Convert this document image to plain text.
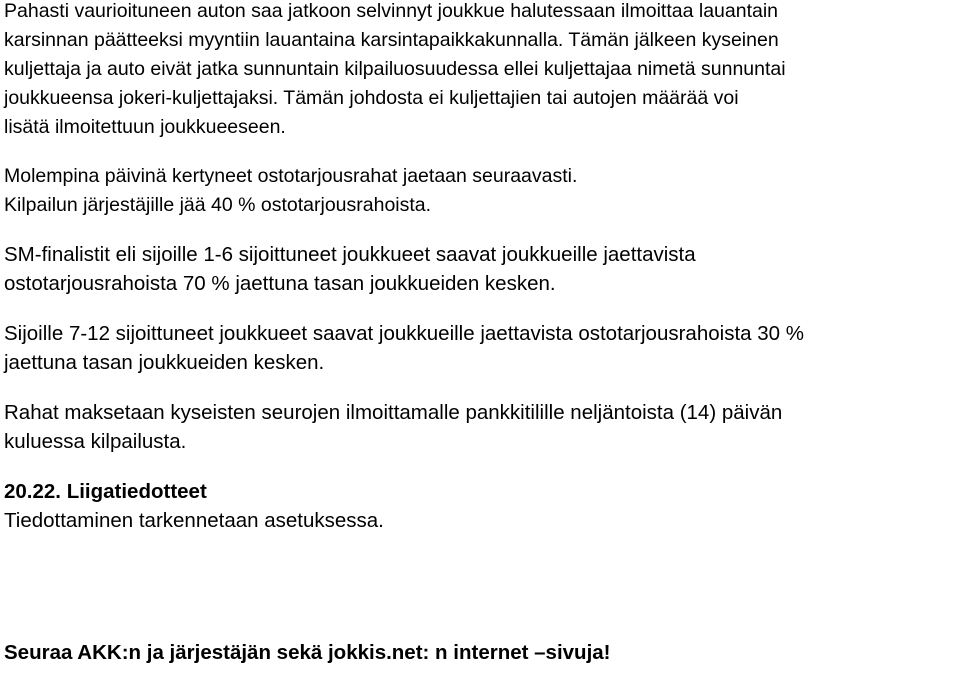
Pahasti vaurioituneen auton saa jatkoon selvinnyt joukkue halutessaan ilmoittaa lauantain
karsinnan päätteeksi myyntiin lauantaina karsintapaikkakunnalla. Tämän jälkeen kyseinen
kuljettaja ja auto eivät jatka sunnuntain kilpailuosuudessa ellei kuljettajaa nimetä sunnuntai
joukkueensa jokeri-kuljettajaksi. Tämän johdosta ei kuljettajien tai autojen määrää voi
lisätä ilmoitettuun joukkueeseen.
Molempina päivinä kertyneet ostotarjousrahat jaetaan seuraavasti.
Kilpailun järjestäjille jää 40 % ostotarjousrahoista.
SM-finalistit eli sijoille 1-6 sijoittuneet joukkueet saavat joukkueille jaettavista
ostotarjousrahoista 70 % jaettuna tasan joukkueiden kesken.
Sijoille 7-12 sijoittuneet joukkueet saavat joukkueille jaettavista ostotarjousrahoista 30 %
jaettuna tasan joukkueiden kesken.
Rahat maksetaan kyseisten seurojen ilmoittamalle pankkitilille neljäntoista (14) päivän
kuluessa kilpailusta.
20.22. Liigatiedotteet
Tiedottaminen tarkennetaan asetuksessa.
Seuraa AKK:n ja järjestäjän sekä jokkis.net: n internet –sivuja!
